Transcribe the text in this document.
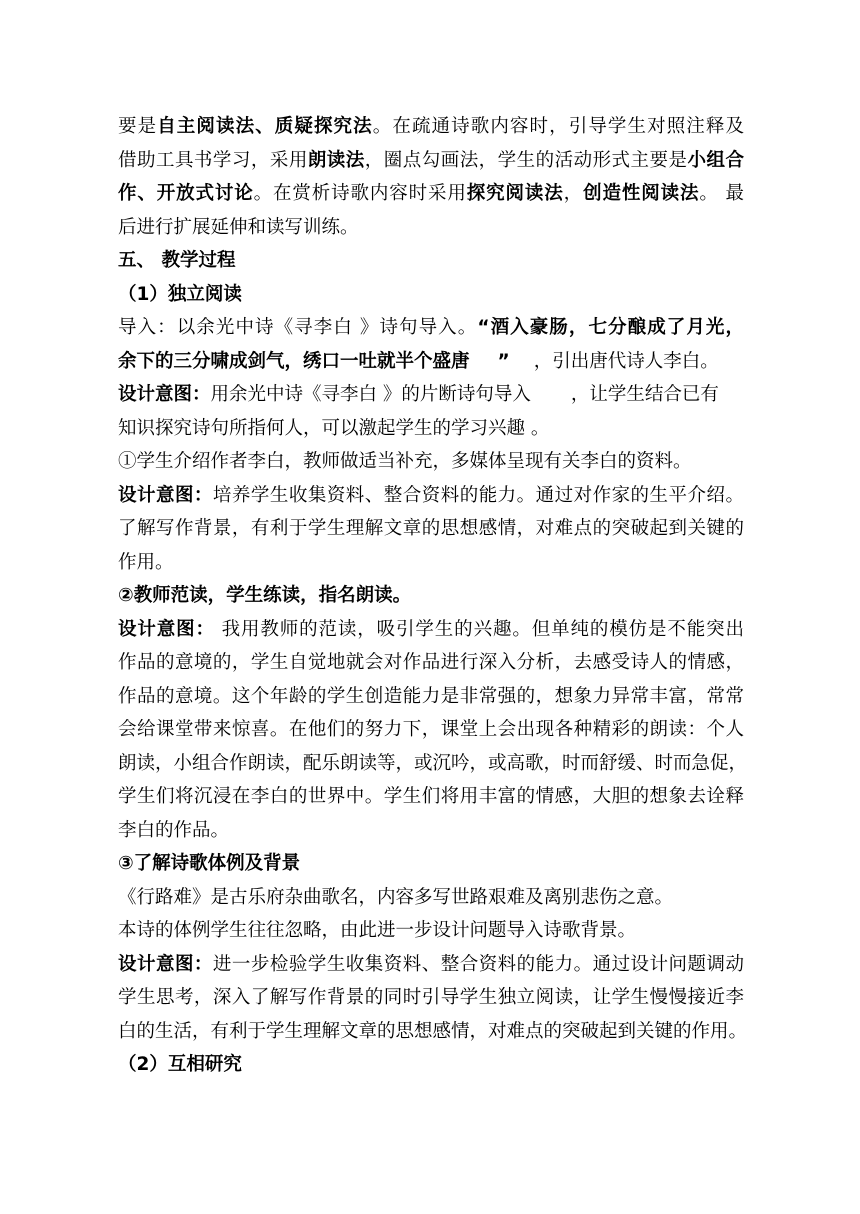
要是自主阅读法、质疑探究法。在疏通诗歌内容时，引导学生对照注释及
借助工具书学习，采用朗读法，圈点勾画法，学生的活动形式主要是小组合
作、开放式讨论。在赏析诗歌内容时采用探究阅读法，创造性阅读法。 最
后进行扩展延伸和读写训练。
五、 教学过程
（1）独立阅读
导入：以余光中诗《寻李白 》诗句导入。“酒入豪肠，七分酿成了月光，
余下的三分啸成剑气，绣口一吐就半个盛唐 ” ，引出唐代诗人李白。
设计意图：用余光中诗《寻李白 》的片断诗句导入 ，让学生结合已有
知识探究诗句所指何人，可以激起学生的学习兴趣 。
①学生介绍作者李白，教师做适当补充，多媒体呈现有关李白的资料。
设计意图：培养学生收集资料、整合资料的能力。通过对作家的生平介绍。
了解写作背景，有利于学生理解文章的思想感情，对难点的突破起到关键的
作用。
②教师范读，学生练读，指名朗读。
设计意图： 我用教师的范读，吸引学生的兴趣。但单纯的模仿是不能突出
作品的意境的，学生自觉地就会对作品进行深入分析，去感受诗人的情感，
作品的意境。这个年龄的学生创造能力是非常强的，想象力异常丰富，常常
会给课堂带来惊喜。在他们的努力下，课堂上会出现各种精彩的朗读：个人
朗读，小组合作朗读，配乐朗读等，或沉吟，或高歌，时而舒缓、时而急促，
学生们将沉浸在李白的世界中。学生们将用丰富的情感，大胆的想象去诠释
李白的作品。
③了解诗歌体例及背景
《行路难》是古乐府杂曲歌名，内容多写世路艰难及离别悲伤之意。
本诗的体例学生往往忽略，由此进一步设计问题导入诗歌背景。
设计意图：进一步检验学生收集资料、整合资料的能力。通过设计问题调动
学生思考，深入了解写作背景的同时引导学生独立阅读，让学生慢慢接近李
白的生活，有利于学生理解文章的思想感情，对难点的突破起到关键的作用。
（2）互相研究
